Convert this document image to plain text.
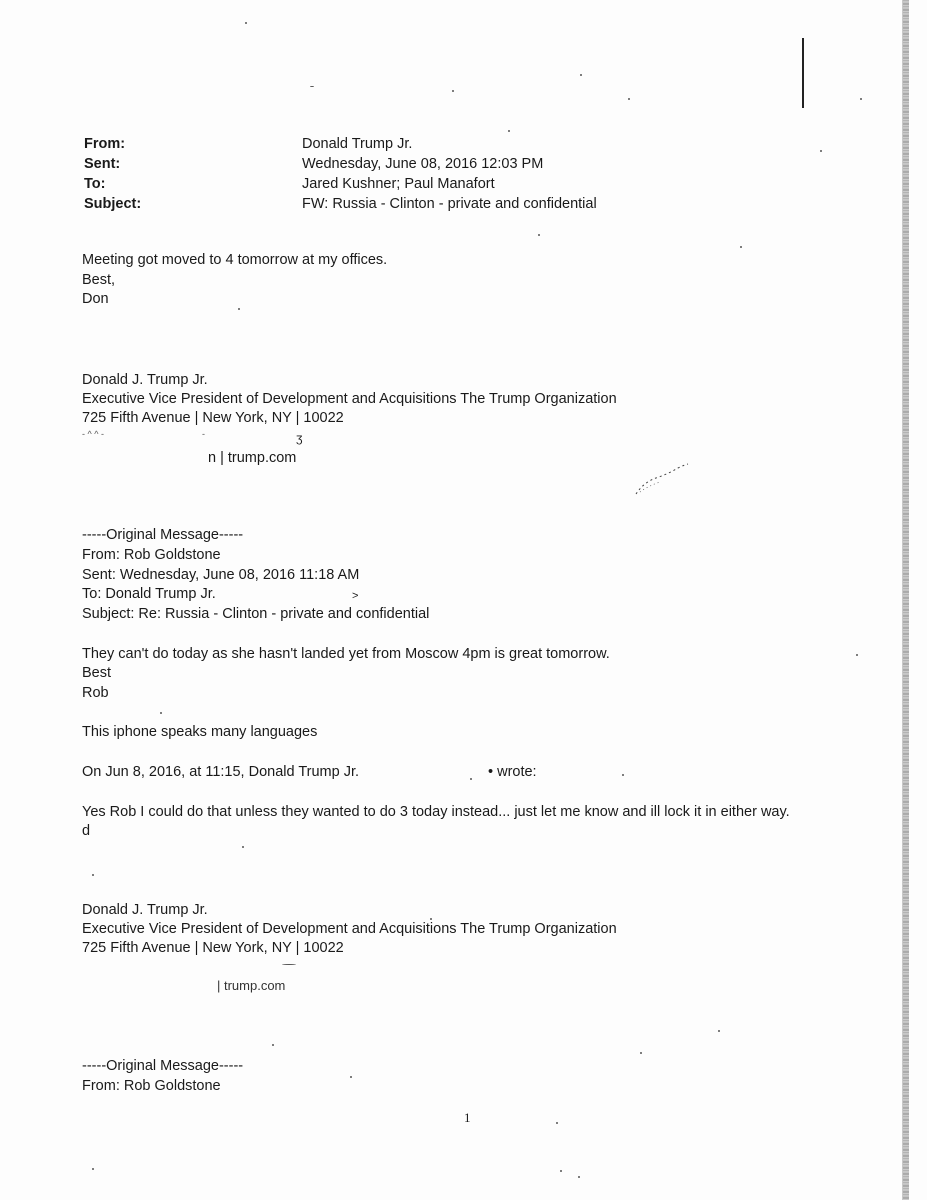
From:	Donald Trump Jr.
Sent:	Wednesday, June 08, 2016 12:03 PM
To:	Jared Kushner; Paul Manafort
Subject:	FW: Russia - Clinton - private and confidential
Meeting got moved to 4 tomorrow at my offices.
Best,
Don
Donald J. Trump Jr.
Executive Vice President of Development and Acquisitions The Trump Organization
725 Fifth Avenue | New York, NY | 10022
- ^ ^ -	-	ʒ
n | trump.com
-----Original Message-----
From: Rob Goldstone
Sent: Wednesday, June 08, 2016 11:18 AM
To: Donald Trump Jr.	>
Subject: Re: Russia - Clinton - private and confidential
They can't do today as she hasn't landed yet from Moscow 4pm is great tomorrow.
Best
Rob
This iphone speaks many languages
On Jun 8, 2016, at 11:15, Donald Trump Jr.	• wrote:
Yes Rob I could do that unless they wanted to do 3 today instead... just let me know and ill lock it in either way.
d
Donald J. Trump Jr.
Executive Vice President of Development and Acquisitions The Trump Organization
725 Fifth Avenue | New York, NY | 10022
| trump.com
-----Original Message-----
From: Rob Goldstone
1
